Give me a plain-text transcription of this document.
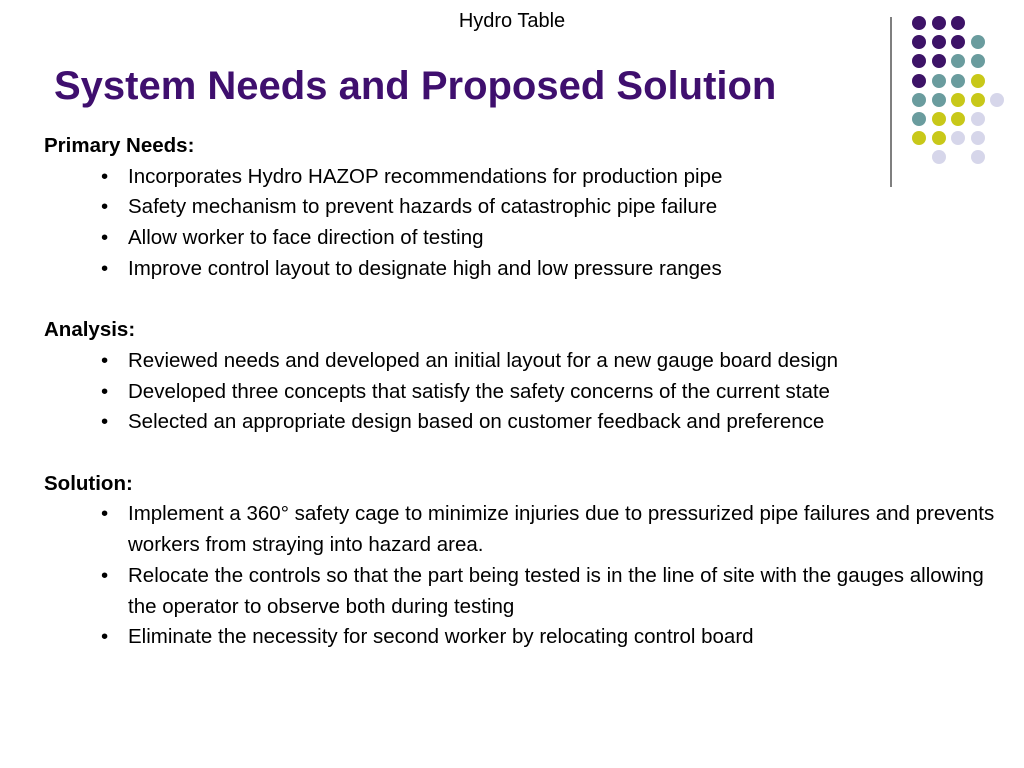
Hydro Table
System Needs and Proposed Solution
Primary Needs:
• Incorporates Hydro HAZOP recommendations for production pipe
• Safety mechanism to prevent hazards of catastrophic pipe failure
• Allow worker to face direction of testing
• Improve control layout to designate high and low pressure ranges
Analysis:
• Reviewed needs and developed an initial layout for a new gauge board design
• Developed three concepts that satisfy the safety concerns of the current state
• Selected an appropriate design based on customer feedback and preference
Solution:
• Implement a 360° safety cage to minimize injuries due to pressurized pipe failures and prevents workers from straying into hazard area.
• Relocate the controls so that the part being tested is in the line of site with the gauges allowing the operator to observe both during testing
• Eliminate the necessity for second worker by relocating control board
